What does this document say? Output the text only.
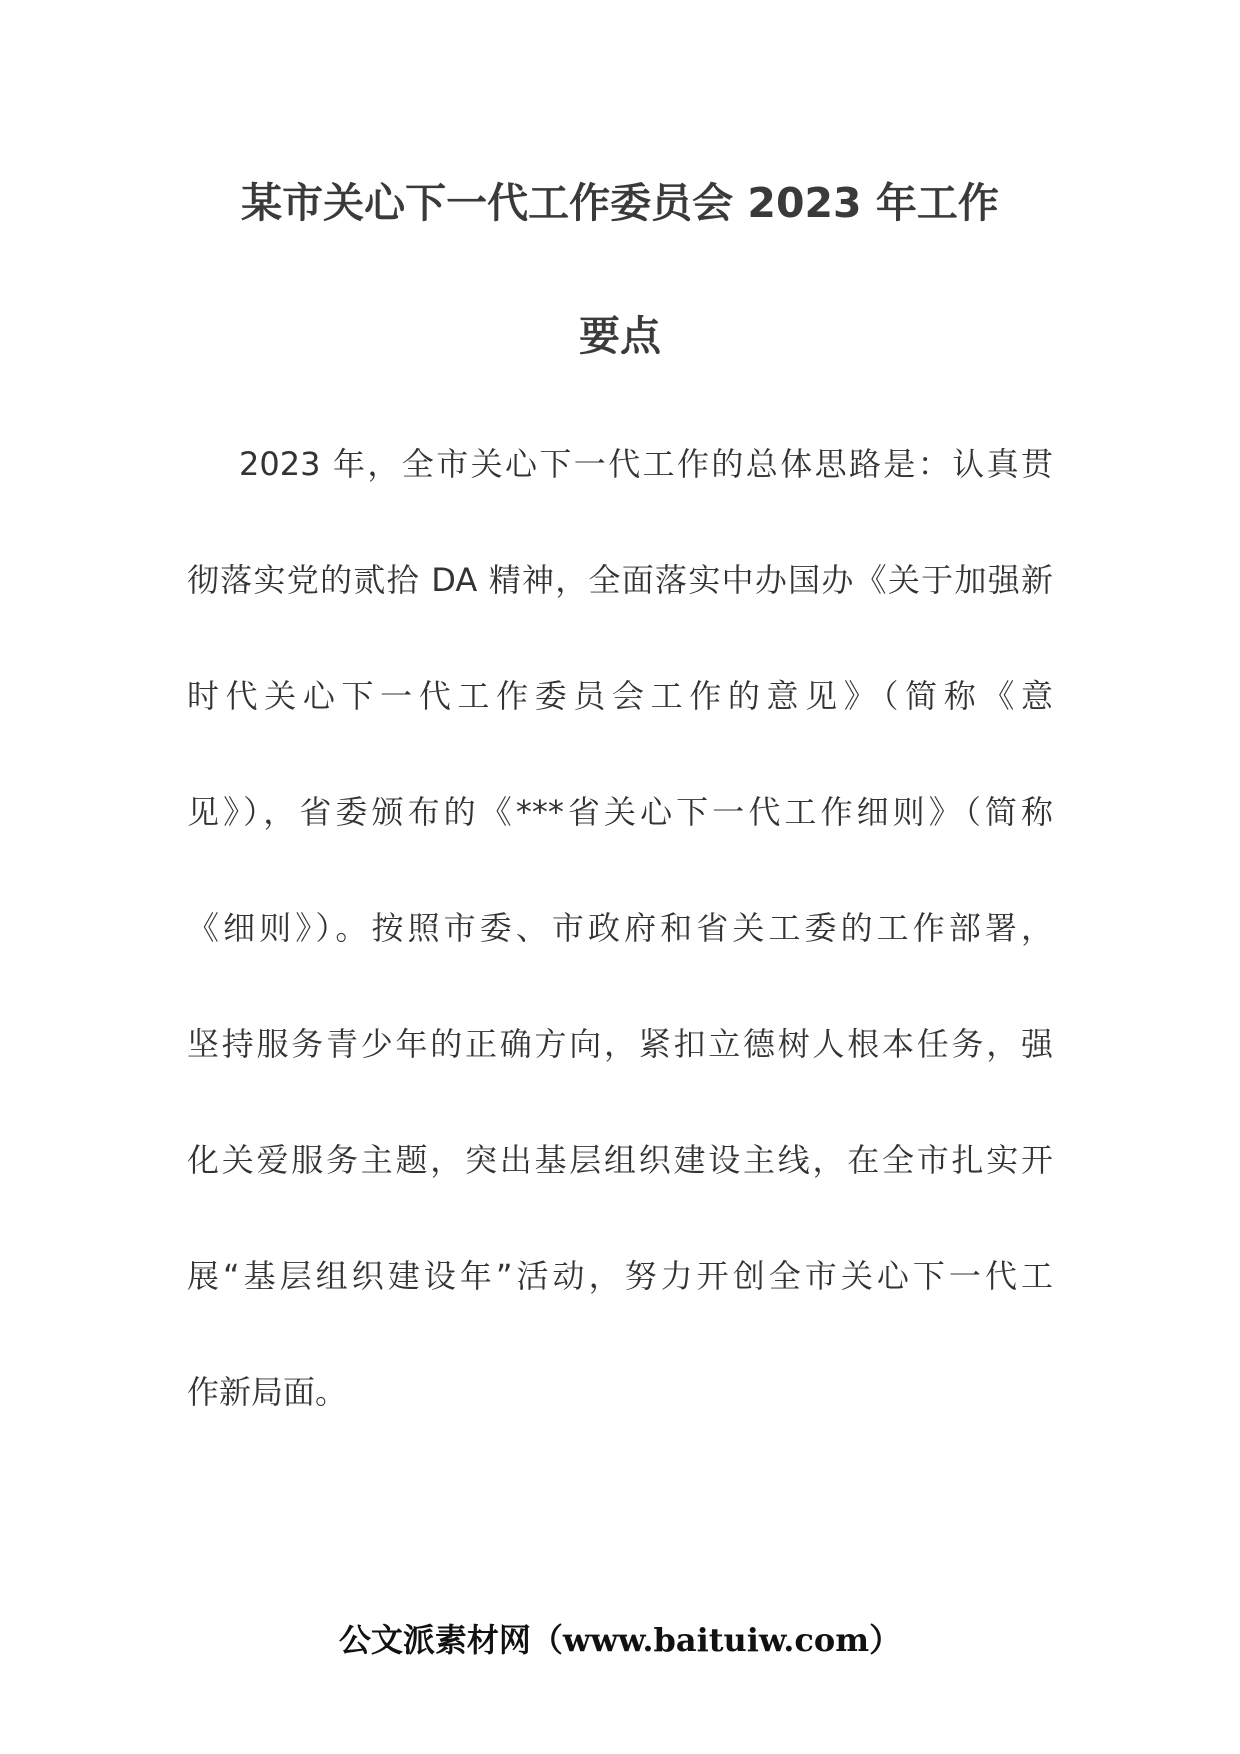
某市关心下一代工作委员会 2023 年工作
要点
2023 年，全市关心下一代工作的总体思路是：认真贯
彻落实党的贰拾 DA 精神，全面落实中办国办《关于加强新
时代关心下一代工作委员会工作的意见》（简称《意
见》），省委颁布的《***省关心下一代工作细则》（简称
《细则》）。按照市委、市政府和省关工委的工作部署，
坚持服务青少年的正确方向，紧扣立德树人根本任务，强
化关爱服务主题，突出基层组织建设主线，在全市扎实开
展“基层组织建设年”活动，努力开创全市关心下一代工
作新局面。
公文派素材网（www.baituiw.com）
